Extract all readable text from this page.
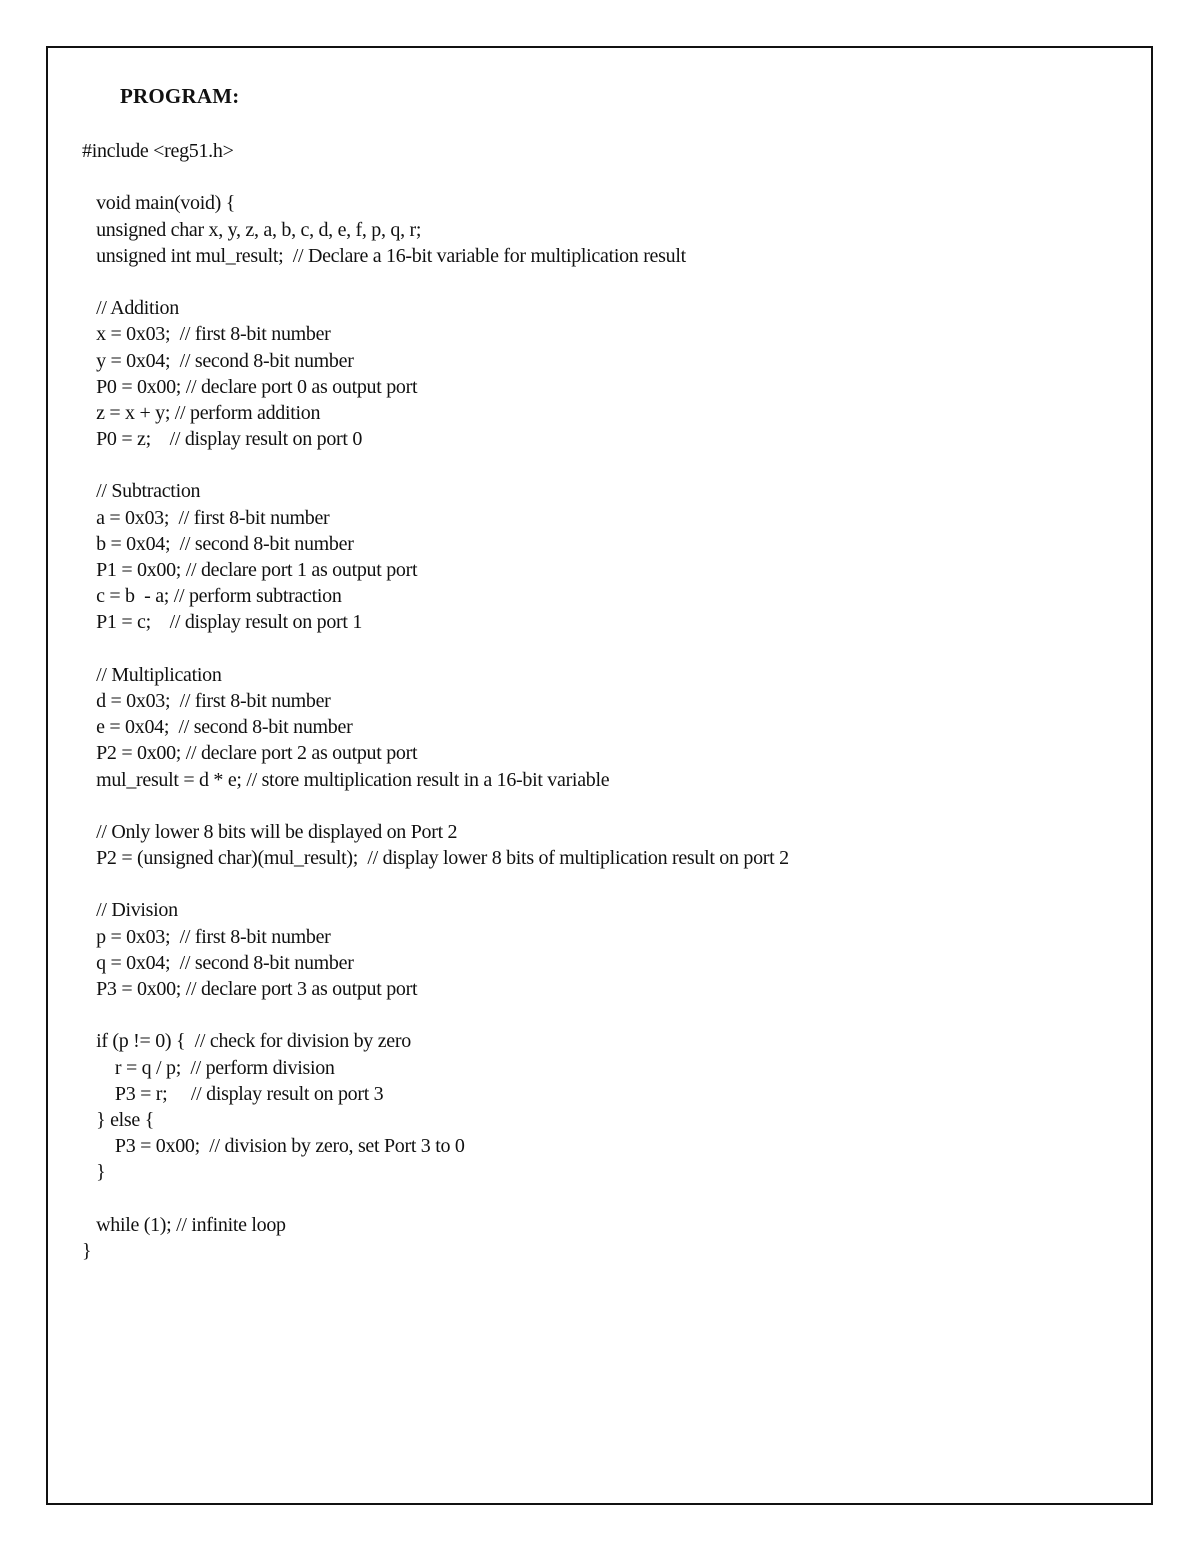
PROGRAM:
#include <reg51.h>
void main(void) {
unsigned char x, y, z, a, b, c, d, e, f, p, q, r;
unsigned int mul_result;  // Declare a 16-bit variable for multiplication result
// Addition
x = 0x03;  // first 8-bit number
y = 0x04;  // second 8-bit number
P0 = 0x00; // declare port 0 as output port
z = x + y; // perform addition
P0 = z;    // display result on port 0
// Subtraction
a = 0x03;  // first 8-bit number
b = 0x04;  // second 8-bit number
P1 = 0x00; // declare port 1 as output port
c = b  - a; // perform subtraction
P1 = c;    // display result on port 1
// Multiplication
d = 0x03;  // first 8-bit number
e = 0x04;  // second 8-bit number
P2 = 0x00; // declare port 2 as output port
mul_result = d * e; // store multiplication result in a 16-bit variable
// Only lower 8 bits will be displayed on Port 2
P2 = (unsigned char)(mul_result);  // display lower 8 bits of multiplication result on port 2
// Division
p = 0x03;  // first 8-bit number
q = 0x04;  // second 8-bit number
P3 = 0x00; // declare port 3 as output port
if (p != 0) {  // check for division by zero
r = q / p;  // perform division
P3 = r;     // display result on port 3
} else {
P3 = 0x00;  // division by zero, set Port 3 to 0
}
while (1); // infinite loop
}
